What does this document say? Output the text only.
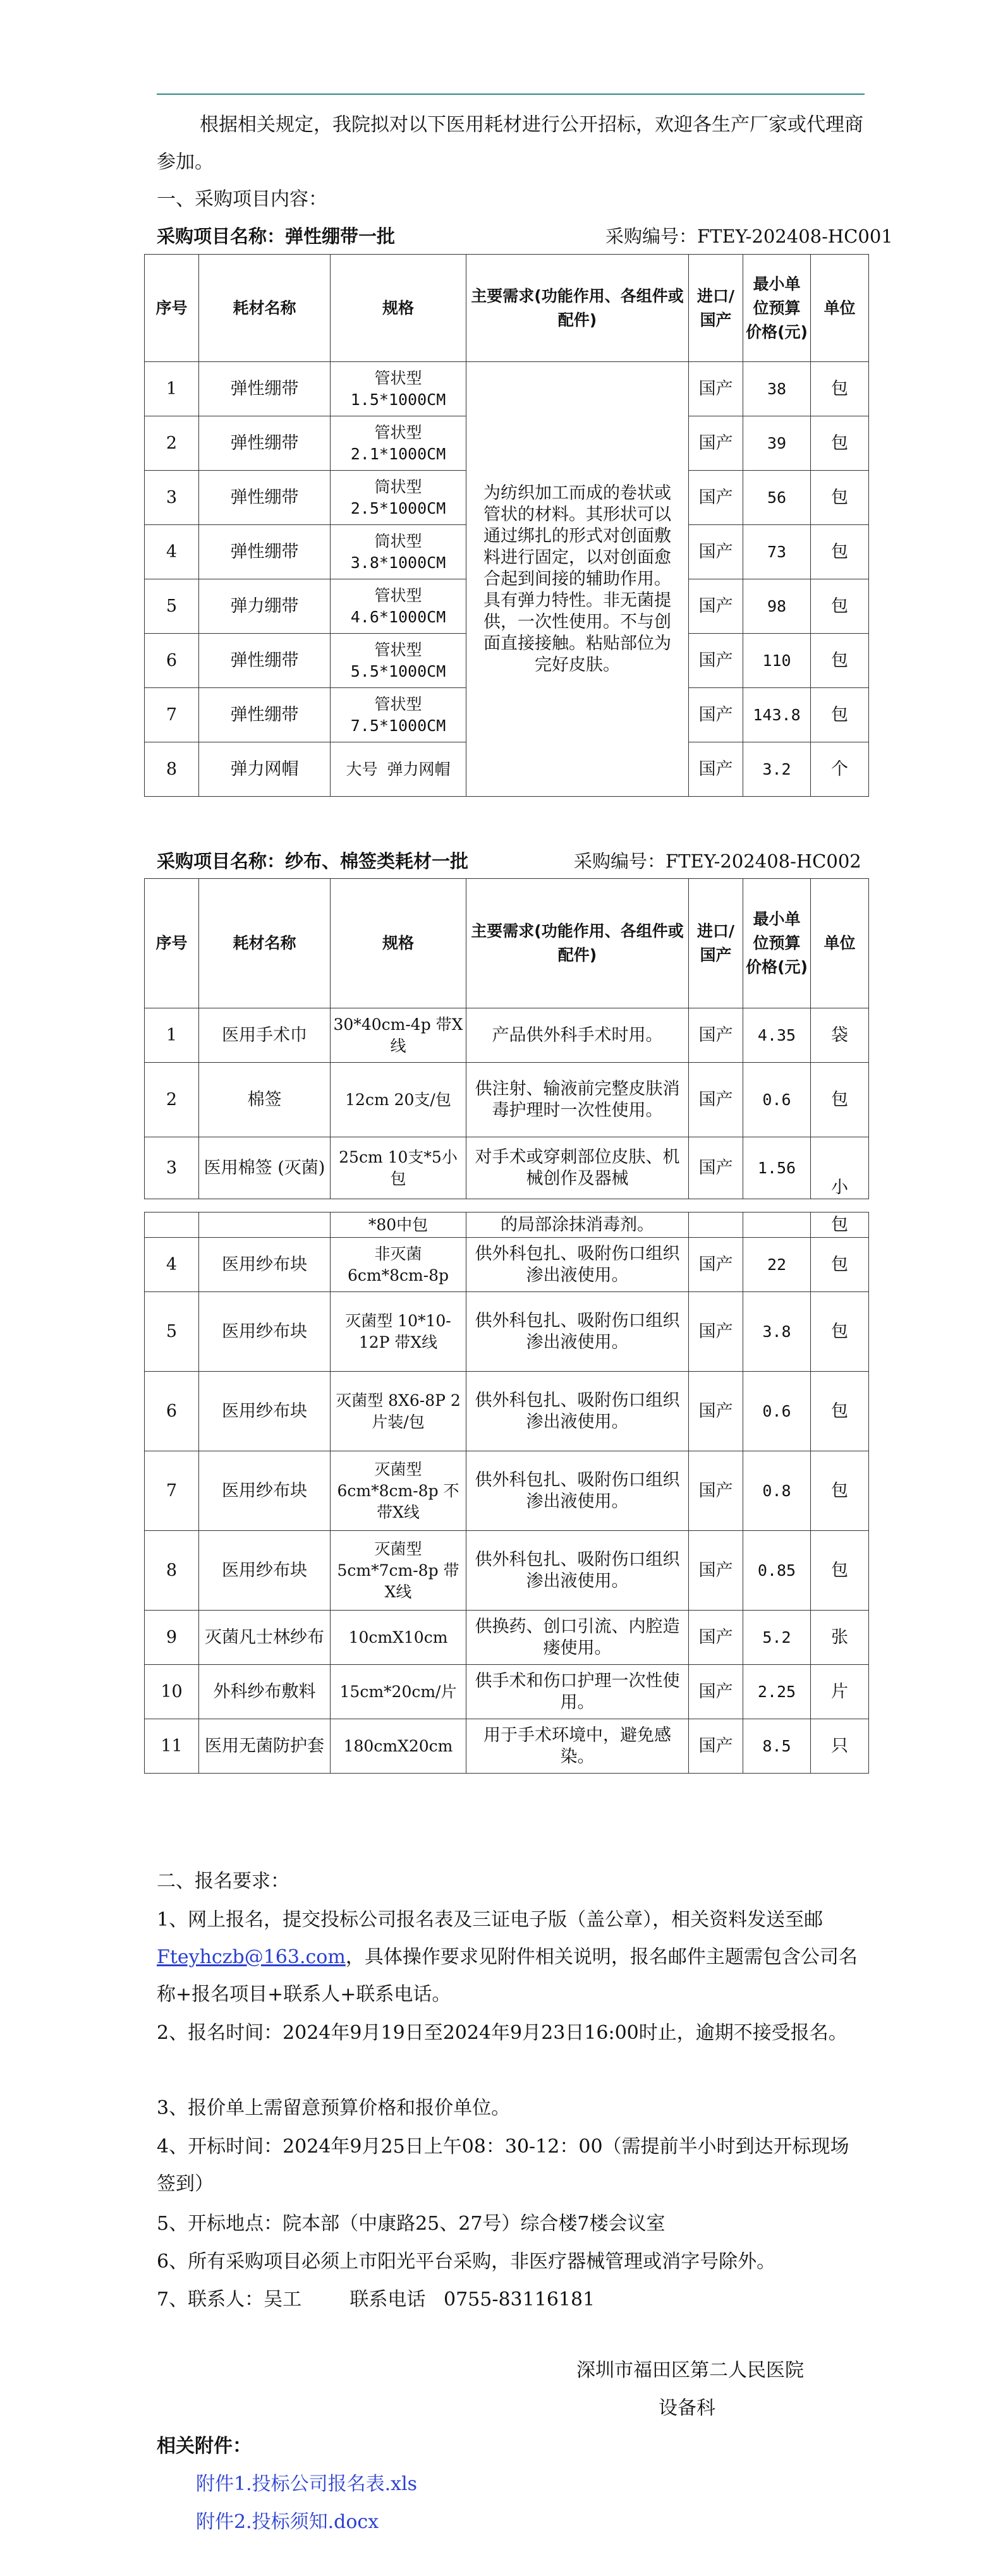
根据相关规定，我院拟对以下医用耗材进行公开招标，欢迎各生产厂家或代理商参加。

一、采购项目内容：
采购项目名称：弹性绷带一批	采购编号：FTEY-202408-HC001
序号	耗材名称	规格	主要需求(功能作用、各组件或配件)	进口/国产	最小单位预算价格(元)	单位
1	弹性绷带	管状型 1.5*1000CM	为纺织加工而成的卷状或管状的材料。其形状可以通过绑扎的形式对创面敷料进行固定，以对创面愈合起到间接的辅助作用。具有弹力特性。非无菌提供，一次性使用。不与创面直接接触。粘贴部位为完好皮肤。	国产	38	包
2	弹性绷带	管状型 2.1*1000CM		国产	39	包
3	弹性绷带	筒状型 2.5*1000CM		国产	56	包
4	弹性绷带	筒状型 3.8*1000CM		国产	73	包
5	弹力绷带	管状型 4.6*1000CM		国产	98	包
6	弹性绷带	管状型 5.5*1000CM		国产	110	包
7	弹性绷带	管状型 7.5*1000CM		国产	143.8	包
8	弹力网帽	大号 弹力网帽		国产	3.2	个
采购项目名称：纱布、棉签类耗材一批	采购编号：FTEY-202408-HC002
序号	耗材名称	规格	主要需求(功能作用、各组件或配件)	进口/国产	最小单位预算价格(元)	单位
1	医用手术巾	30*40cm-4p 带X线	产品供外科手术时用。	国产	4.35	袋
2	棉签	12cm 20支/包	供注射、输液前完整皮肤消毒护理时一次性使用。	国产	0.6	包
3	医用棉签 (灭菌)	25cm 10支*5小包	对手术或穿刺部位皮肤、机械创作及器械	国产	1.56	小
		*80中包	的局部涂抹消毒剂。			包
4	医用纱布块	非灭菌 6cm*8cm-8p	供外科包扎、吸附伤口组织渗出液使用。	国产	22	包
5	医用纱布块	灭菌型 10*10-12P 带X线	供外科包扎、吸附伤口组织渗出液使用。	国产	3.8	包
6	医用纱布块	灭菌型 8X6-8P 2片装/包	供外科包扎、吸附伤口组织渗出液使用。	国产	0.6	包
7	医用纱布块	灭菌型 6cm*8cm-8p 不带X线	供外科包扎、吸附伤口组织渗出液使用。	国产	0.8	包
8	医用纱布块	灭菌型 5cm*7cm-8p 带X线	供外科包扎、吸附伤口组织渗出液使用。	国产	0.85	包
9	灭菌凡士林纱布	10cmX10cm	供换药、创口引流、内腔造瘘使用。	国产	5.2	张
10	外科纱布敷料	15cm*20cm/片	供手术和伤口护理一次性使用。	国产	2.25	片
11	医用无菌防护套	180cmX20cm	用于手术环境中，避免感染。	国产	8.5	只
二、报名要求：

1、网上报名，提交投标公司报名表及三证电子版（盖公章），相关资料发送至邮Fteyhczb@163.com，具体操作要求见附件相关说明，报名邮件主题需包含公司名称+报名项目+联系人+联系电话。

2、报名时间：2024年9月19日至2024年9月23日16:00时止，逾期不接受报名。

3、报价单上需留意预算价格和报价单位。

4、开标时间：2024年9月25日上午08：30-12：00（需提前半小时到达开标现场签到）

5、开标地点：院本部（中康路25、27号）综合楼7楼会议室

6、所有采购项目必须上市阳光平台采购，非医疗器械管理或消字号除外。

7、联系人：吴工        联系电话   0755-83116181

深圳市福田区第二人民医院
设备科
相关附件：
附件1.投标公司报名表.xls
附件2.投标须知.docx
